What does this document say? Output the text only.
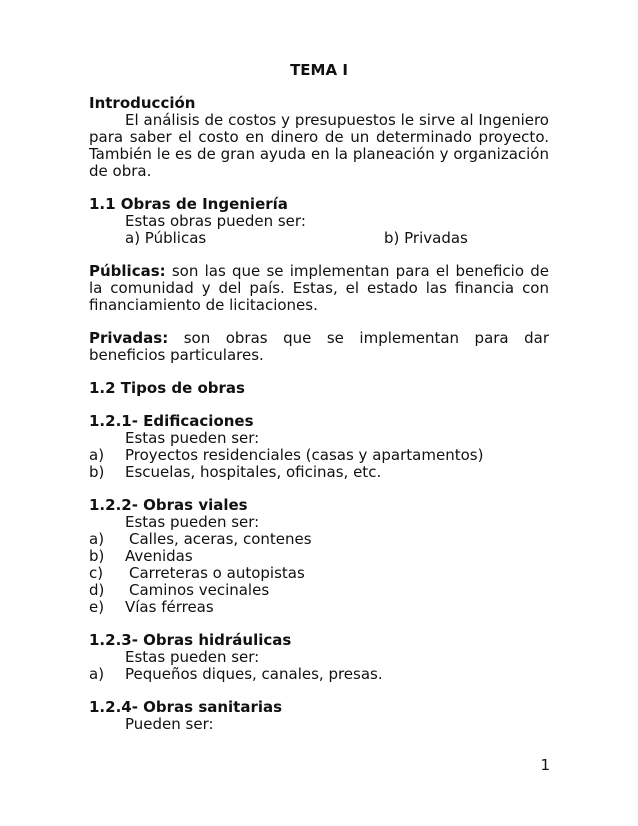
TEMA I

Introducción

El análisis de costos y presupuestos le sirve al Ingeniero para saber el costo en dinero de un determinado proyecto. También le es de gran ayuda en la planeación y organización de obra.

1.1 Obras de Ingeniería

Estas obras pueden ser:

a) Públicas	b) Privadas

Públicas: son las que se implementan para el beneficio de la comunidad y del país. Estas, el estado las financia con financiamiento de licitaciones.

Privadas: son obras que se implementan para dar beneficios particulares.

1.2 Tipos de obras

1.2.1- Edificaciones

Estas pueden ser:

a)	Proyectos residenciales (casas y apartamentos)
b)	Escuelas, hospitales, oficinas, etc.

1.2.2- Obras viales

Estas pueden ser:

a)	Calles, aceras, contenes
b)	Avenidas
c)	Carreteras o autopistas
d)	Caminos vecinales
e)	Vías férreas

1.2.3- Obras hidráulicas

Estas pueden ser:

a)	Pequeños diques, canales, presas.

1.2.4- Obras sanitarias

Pueden ser:

1
